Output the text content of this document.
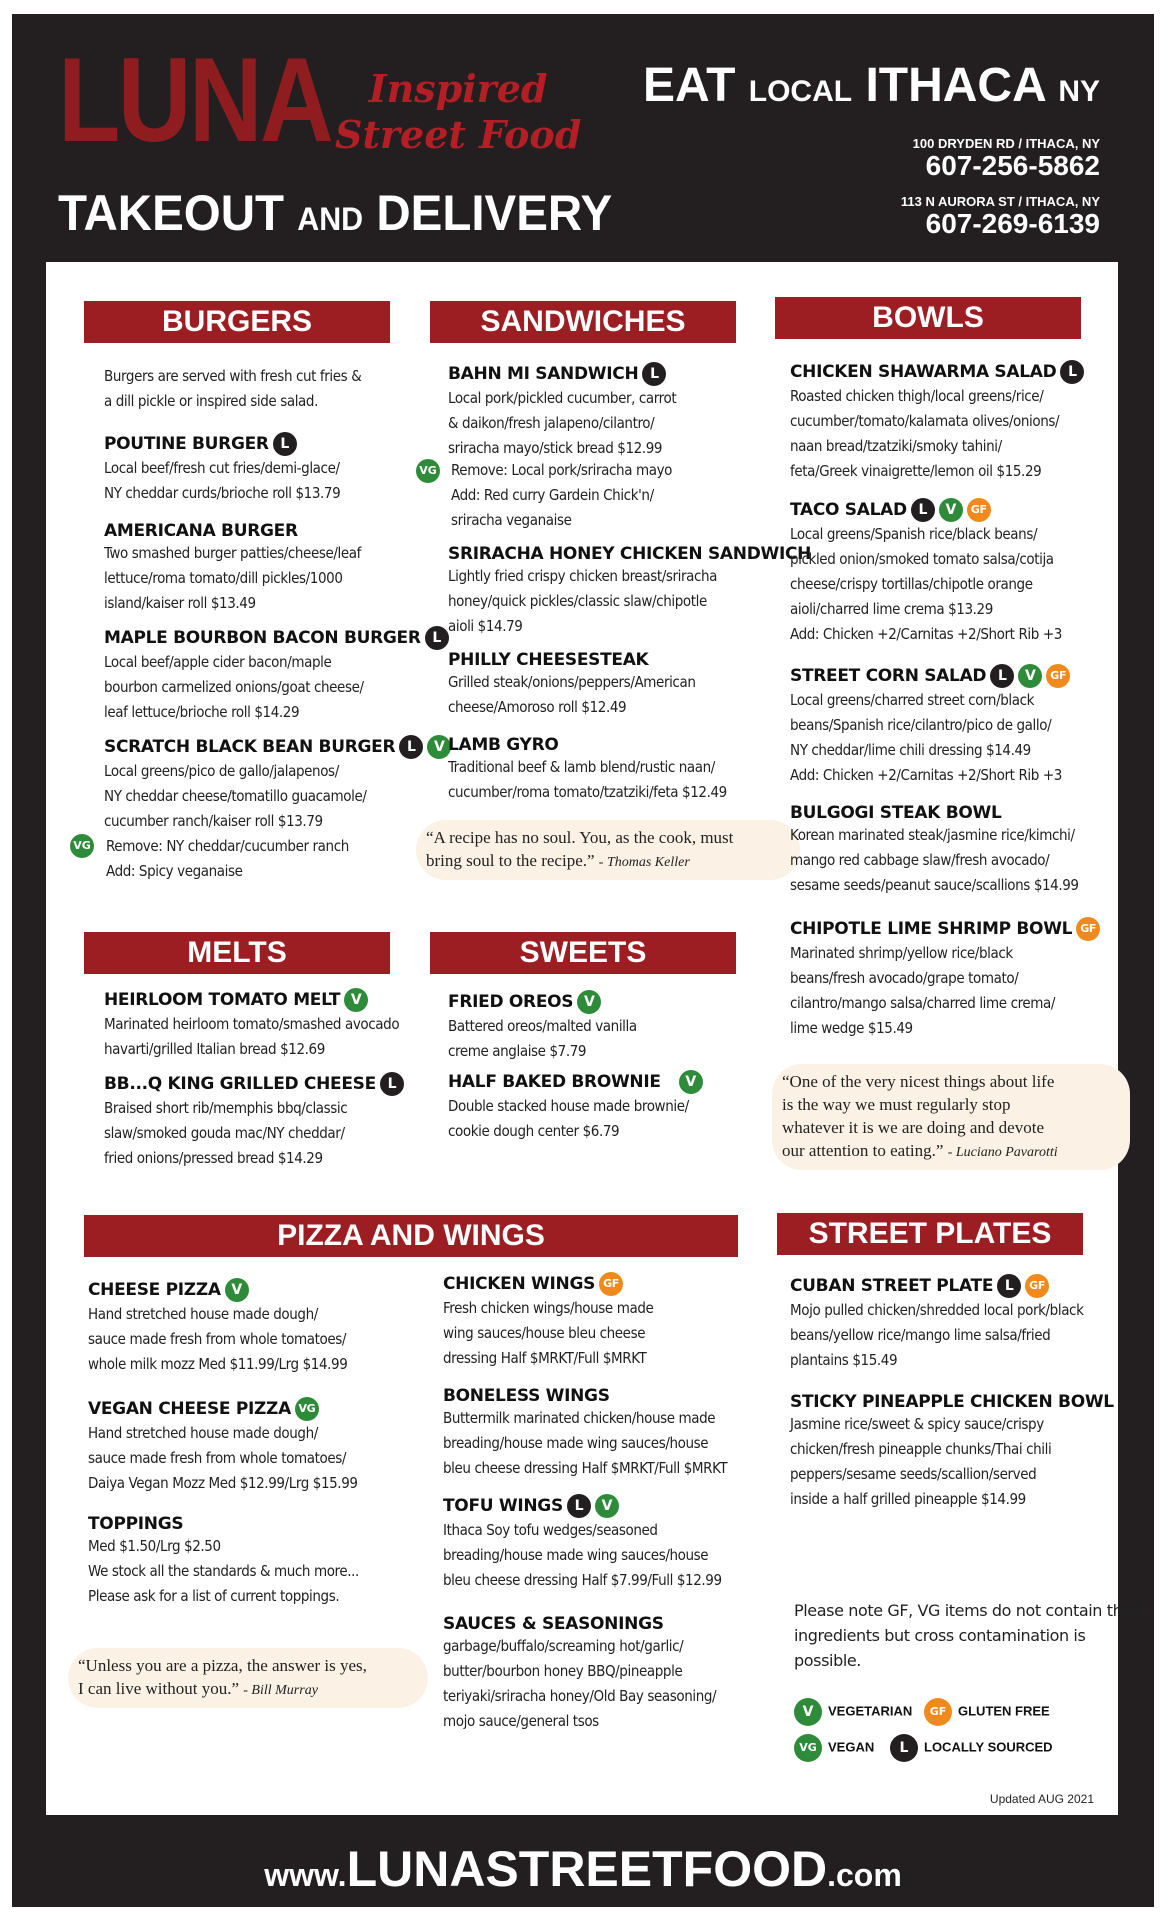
LUNA Inspired
Street Food
TAKEOUT AND DELIVERY
EAT LOCAL ITHACA NY
100 DRYDEN RD / ITHACA, NY
607-256-5862
113 N AURORA ST / ITHACA, NY
607-269-6139
BURGERS	SANDWICHES	BOWLS
MELTS	SWEETS
PIZZA AND WINGS	STREET PLATES
Burgers are served with fresh cut fries &
a dill pickle or inspired side salad.
POUTINE BURGER L
Local beef/fresh cut fries/demi-glace/
NY cheddar curds/brioche roll $13.79
AMERICANA BURGER
Two smashed burger patties/cheese/leaf
lettuce/roma tomato/dill pickles/1000
island/kaiser roll $13.49
MAPLE BOURBON BACON BURGER L
Local beef/apple cider bacon/maple
bourbon carmelized onions/goat cheese/
leaf lettuce/brioche roll $14.29
SCRATCH BLACK BEAN BURGER L V
Local greens/pico de gallo/jalapenos/
NY cheddar cheese/tomatillo guacamole/
cucumber ranch/kaiser roll $13.79
VG Remove: NY cheddar/cucumber ranch
Add: Spicy veganaise
BAHN MI SANDWICH L
Local pork/pickled cucumber, carrot
& daikon/fresh jalapeno/cilantro/
sriracha mayo/stick bread $12.99
VG Remove: Local pork/sriracha mayo
Add: Red curry Gardein Chick'n/
sriracha veganaise
SRIRACHA HONEY CHICKEN SANDWICH
Lightly fried crispy chicken breast/sriracha
honey/quick pickles/classic slaw/chipotle
aioli $14.79
PHILLY CHEESESTEAK
Grilled steak/onions/peppers/American
cheese/Amoroso roll $12.49
LAMB GYRO
Traditional beef & lamb blend/rustic naan/
cucumber/roma tomato/tzatziki/feta $12.49
“A recipe has no soul. You, as the cook, must
bring soul to the recipe.” - Thomas Keller
CHICKEN SHAWARMA SALAD L
Roasted chicken thigh/local greens/rice/
cucumber/tomato/kalamata olives/onions/
naan bread/tzatziki/smoky tahini/
feta/Greek vinaigrette/lemon oil $15.29
TACO SALAD L V GF
Local greens/Spanish rice/black beans/
pickled onion/smoked tomato salsa/cotija
cheese/crispy tortillas/chipotle orange
aioli/charred lime crema $13.29
Add: Chicken +2/Carnitas +2/Short Rib +3
STREET CORN SALAD L V GF
Local greens/charred street corn/black
beans/Spanish rice/cilantro/pico de gallo/
NY cheddar/lime chili dressing $14.49
Add: Chicken +2/Carnitas +2/Short Rib +3
BULGOGI STEAK BOWL
Korean marinated steak/jasmine rice/kimchi/
mango red cabbage slaw/fresh avocado/
sesame seeds/peanut sauce/scallions $14.99
CHIPOTLE LIME SHRIMP BOWL GF
Marinated shrimp/yellow rice/black
beans/fresh avocado/grape tomato/
cilantro/mango salsa/charred lime crema/
lime wedge $15.49
“One of the very nicest things about life
is the way we must regularly stop
whatever it is we are doing and devote
our attention to eating.” - Luciano Pavarotti
HEIRLOOM TOMATO MELT V
Marinated heirloom tomato/smashed avocado
havarti/grilled Italian bread $12.69
BB...Q KING GRILLED CHEESE L
Braised short rib/memphis bbq/classic
slaw/smoked gouda mac/NY cheddar/
fried onions/pressed bread $14.29
FRIED OREOS V
Battered oreos/malted vanilla
creme anglaise $7.79
HALF BAKED BROWNIE V
Double stacked house made brownie/
cookie dough center $6.79
CHEESE PIZZA V
Hand stretched house made dough/
sauce made fresh from whole tomatoes/
whole milk mozz Med $11.99/Lrg $14.99
VEGAN CHEESE PIZZA VG
Hand stretched house made dough/
sauce made fresh from whole tomatoes/
Daiya Vegan Mozz Med $12.99/Lrg $15.99
TOPPINGS
Med $1.50/Lrg $2.50
We stock all the standards & much more...
Please ask for a list of current toppings.
“Unless you are a pizza, the answer is yes,
I can live without you.” - Bill Murray
CHICKEN WINGS GF
Fresh chicken wings/house made
wing sauces/house bleu cheese
dressing Half $MRKT/Full $MRKT
BONELESS WINGS
Buttermilk marinated chicken/house made
breading/house made wing sauces/house
bleu cheese dressing Half $MRKT/Full $MRKT
TOFU WINGS L V
Ithaca Soy tofu wedges/seasoned
breading/house made wing sauces/house
bleu cheese dressing Half $7.99/Full $12.99
SAUCES & SEASONINGS
garbage/buffalo/screaming hot/garlic/
butter/bourbon honey BBQ/pineapple
teriyaki/sriracha honey/Old Bay seasoning/
mojo sauce/general tsos
CUBAN STREET PLATE L GF
Mojo pulled chicken/shredded local pork/black
beans/yellow rice/mango lime salsa/fried
plantains $15.49
STICKY PINEAPPLE CHICKEN BOWL
Jasmine rice/sweet & spicy sauce/crispy
chicken/fresh pineapple chunks/Thai chili
peppers/sesame seeds/scallion/served
inside a half grilled pineapple $14.99
Please note GF, VG items do not contain those
ingredients but cross contamination is
possible.
V VEGETARIAN	GF GLUTEN FREE
VG VEGAN	L LOCALLY SOURCED
Updated AUG 2021
www.LUNASTREETFOOD.com
